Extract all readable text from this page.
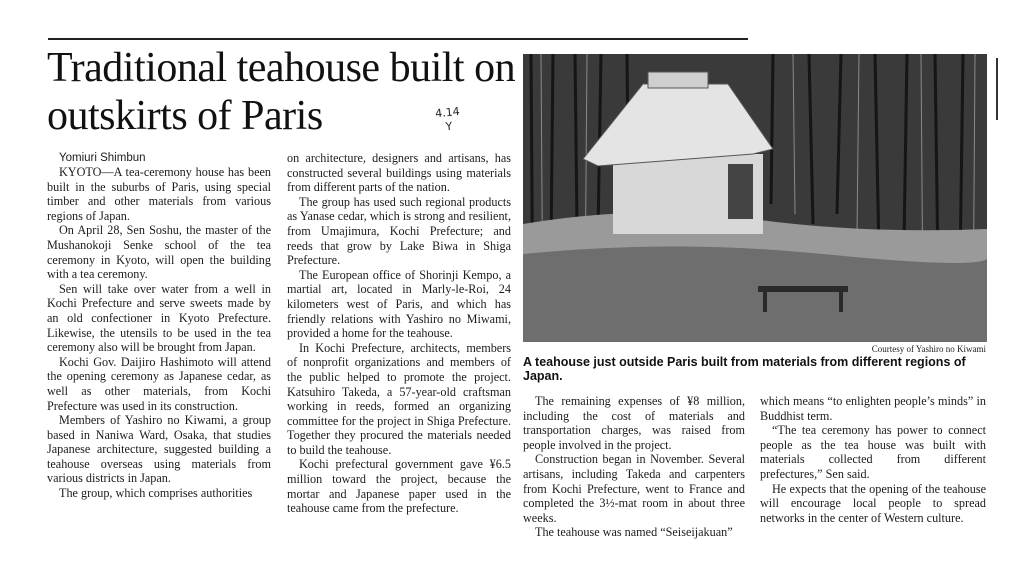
Traditional teahouse built on outskirts of Paris	4.14
Y

Yomiuri Shimbun

KYOTO—A tea-ceremony house has been built in the suburbs of Paris, using special timber and other materials from various regions of Japan.

On April 28, Sen Soshu, the master of the Mushanokoji Senke school of the tea ceremony in Kyoto, will open the building with a tea ceremony.

Sen will take over water from a well in Kochi Prefecture and serve sweets made by an old confectioner in Kyoto Prefecture. Likewise, the utensils to be used in the tea ceremony also will be brought from Japan.

Kochi Gov. Daijiro Hashimoto will attend the opening ceremony as Japanese cedar, as well as other materials, from Kochi Prefecture was used in its construction.

Members of Yashiro no Kiwami, a group based in Naniwa Ward, Osaka, that studies Japanese architecture, suggested building a teahouse overseas using materials from various districts in Japan.

The group, which comprises authorities

on architecture, designers and artisans, has constructed several buildings using materials from different parts of the nation.

The group has used such regional products as Yanase cedar, which is strong and resilient, from Umajimura, Kochi Prefecture; and reeds that grow by Lake Biwa in Shiga Prefecture.

The European office of Shorinji Kempo, a martial art, located in Marly-le-Roi, 24 kilometers west of Paris, and which has friendly relations with Yashiro no Miwami, provided a home for the teahouse.

In Kochi Prefecture, architects, members of nonprofit organizations and members of the public helped to promote the project. Katsuhiro Takeda, a 57-year-old craftsman working in reeds, formed an organizing committee for the project in Shiga Prefecture. Together they procured the materials needed to build the teahouse.

Kochi prefectural government gave ¥6.5 million toward the project, because the mortar and Japanese paper used in the teahouse came from the prefecture.

Courtesy of Yashiro no Kiwami
A teahouse just outside Paris built from materials from different regions of Japan.

The remaining expenses of ¥8 million, including the cost of materials and transportation charges, was raised from people involved in the project.

Construction began in November. Several artisans, including Takeda and carpenters from Kochi Prefecture, went to France and completed the 3½-mat room in about three weeks.

The teahouse was named “Seiseijakuan”

which means “to enlighten people’s minds” in Buddhist term.

“The tea ceremony has power to connect people as the tea house was built with materials collected from different prefectures,” Sen said.

He expects that the opening of the teahouse will encourage local people to spread networks in the center of Western culture.
